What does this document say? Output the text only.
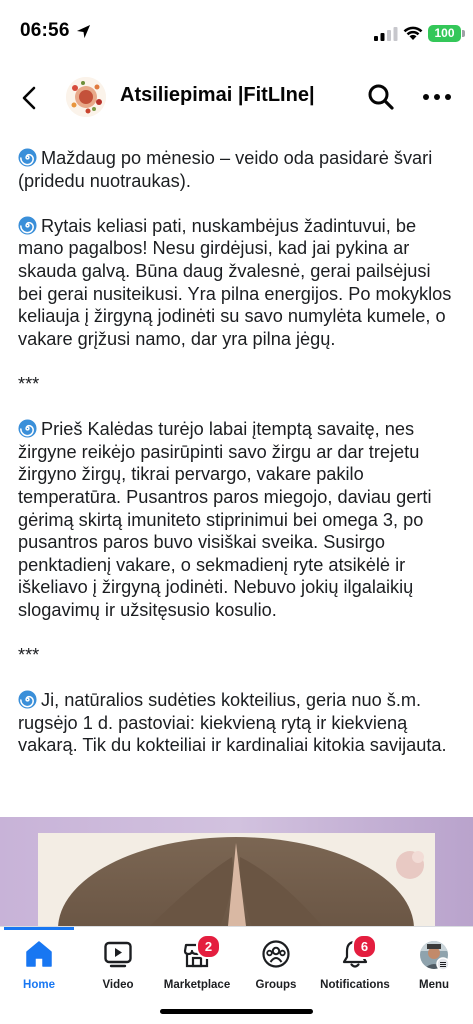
06:56	100
Atsiliepimai |FitLIne|

Maždaug po mėnesio – veido oda pasidarė švari (pridedu nuotraukas).

Rytais keliasi pati, nuskambėjus žadintuvui, be mano pagalbos! Nesu girdėjusi, kad jai pykina ar skauda galvą. Būna daug žvalesnė, gerai pailsėjusi bei gerai nusiteikusi. Yra pilna energijos. Po mokyklos keliauja į žirgyną jodinėti su savo numylėta kumele, o vakare grįžusi namo, dar yra pilna jėgų.

***

Prieš Kalėdas turėjo labai įtemptą savaitę, nes žirgyne reikėjo pasirūpinti savo žirgu ar dar trejetu žirgyno žirgų, tikrai pervargo, vakare pakilo temperatūra. Pusantros paros miegojo, daviau gerti gėrimą skirtą imuniteto stiprinimui bei omega 3, po pusantros paros buvo visiškai sveika. Susirgo penktadienį vakare, o sekmadienį ryte atsikėlė ir iškeliavo į žirgyną jodinėti. Nebuvo jokių ilgalaikių slogavimų ir užsitęsusio kosulio.

***

Ji, natūralios sudėties kokteilius, geria nuo š.m. rugsėjo 1 d. pastoviai: kiekvieną rytą ir kiekvieną vakarą. Tik du kokteiliai ir kardinaliai kitokia savijauta.

Home	Video
2
Marketplace	Groups
6
Notifications	Menu
